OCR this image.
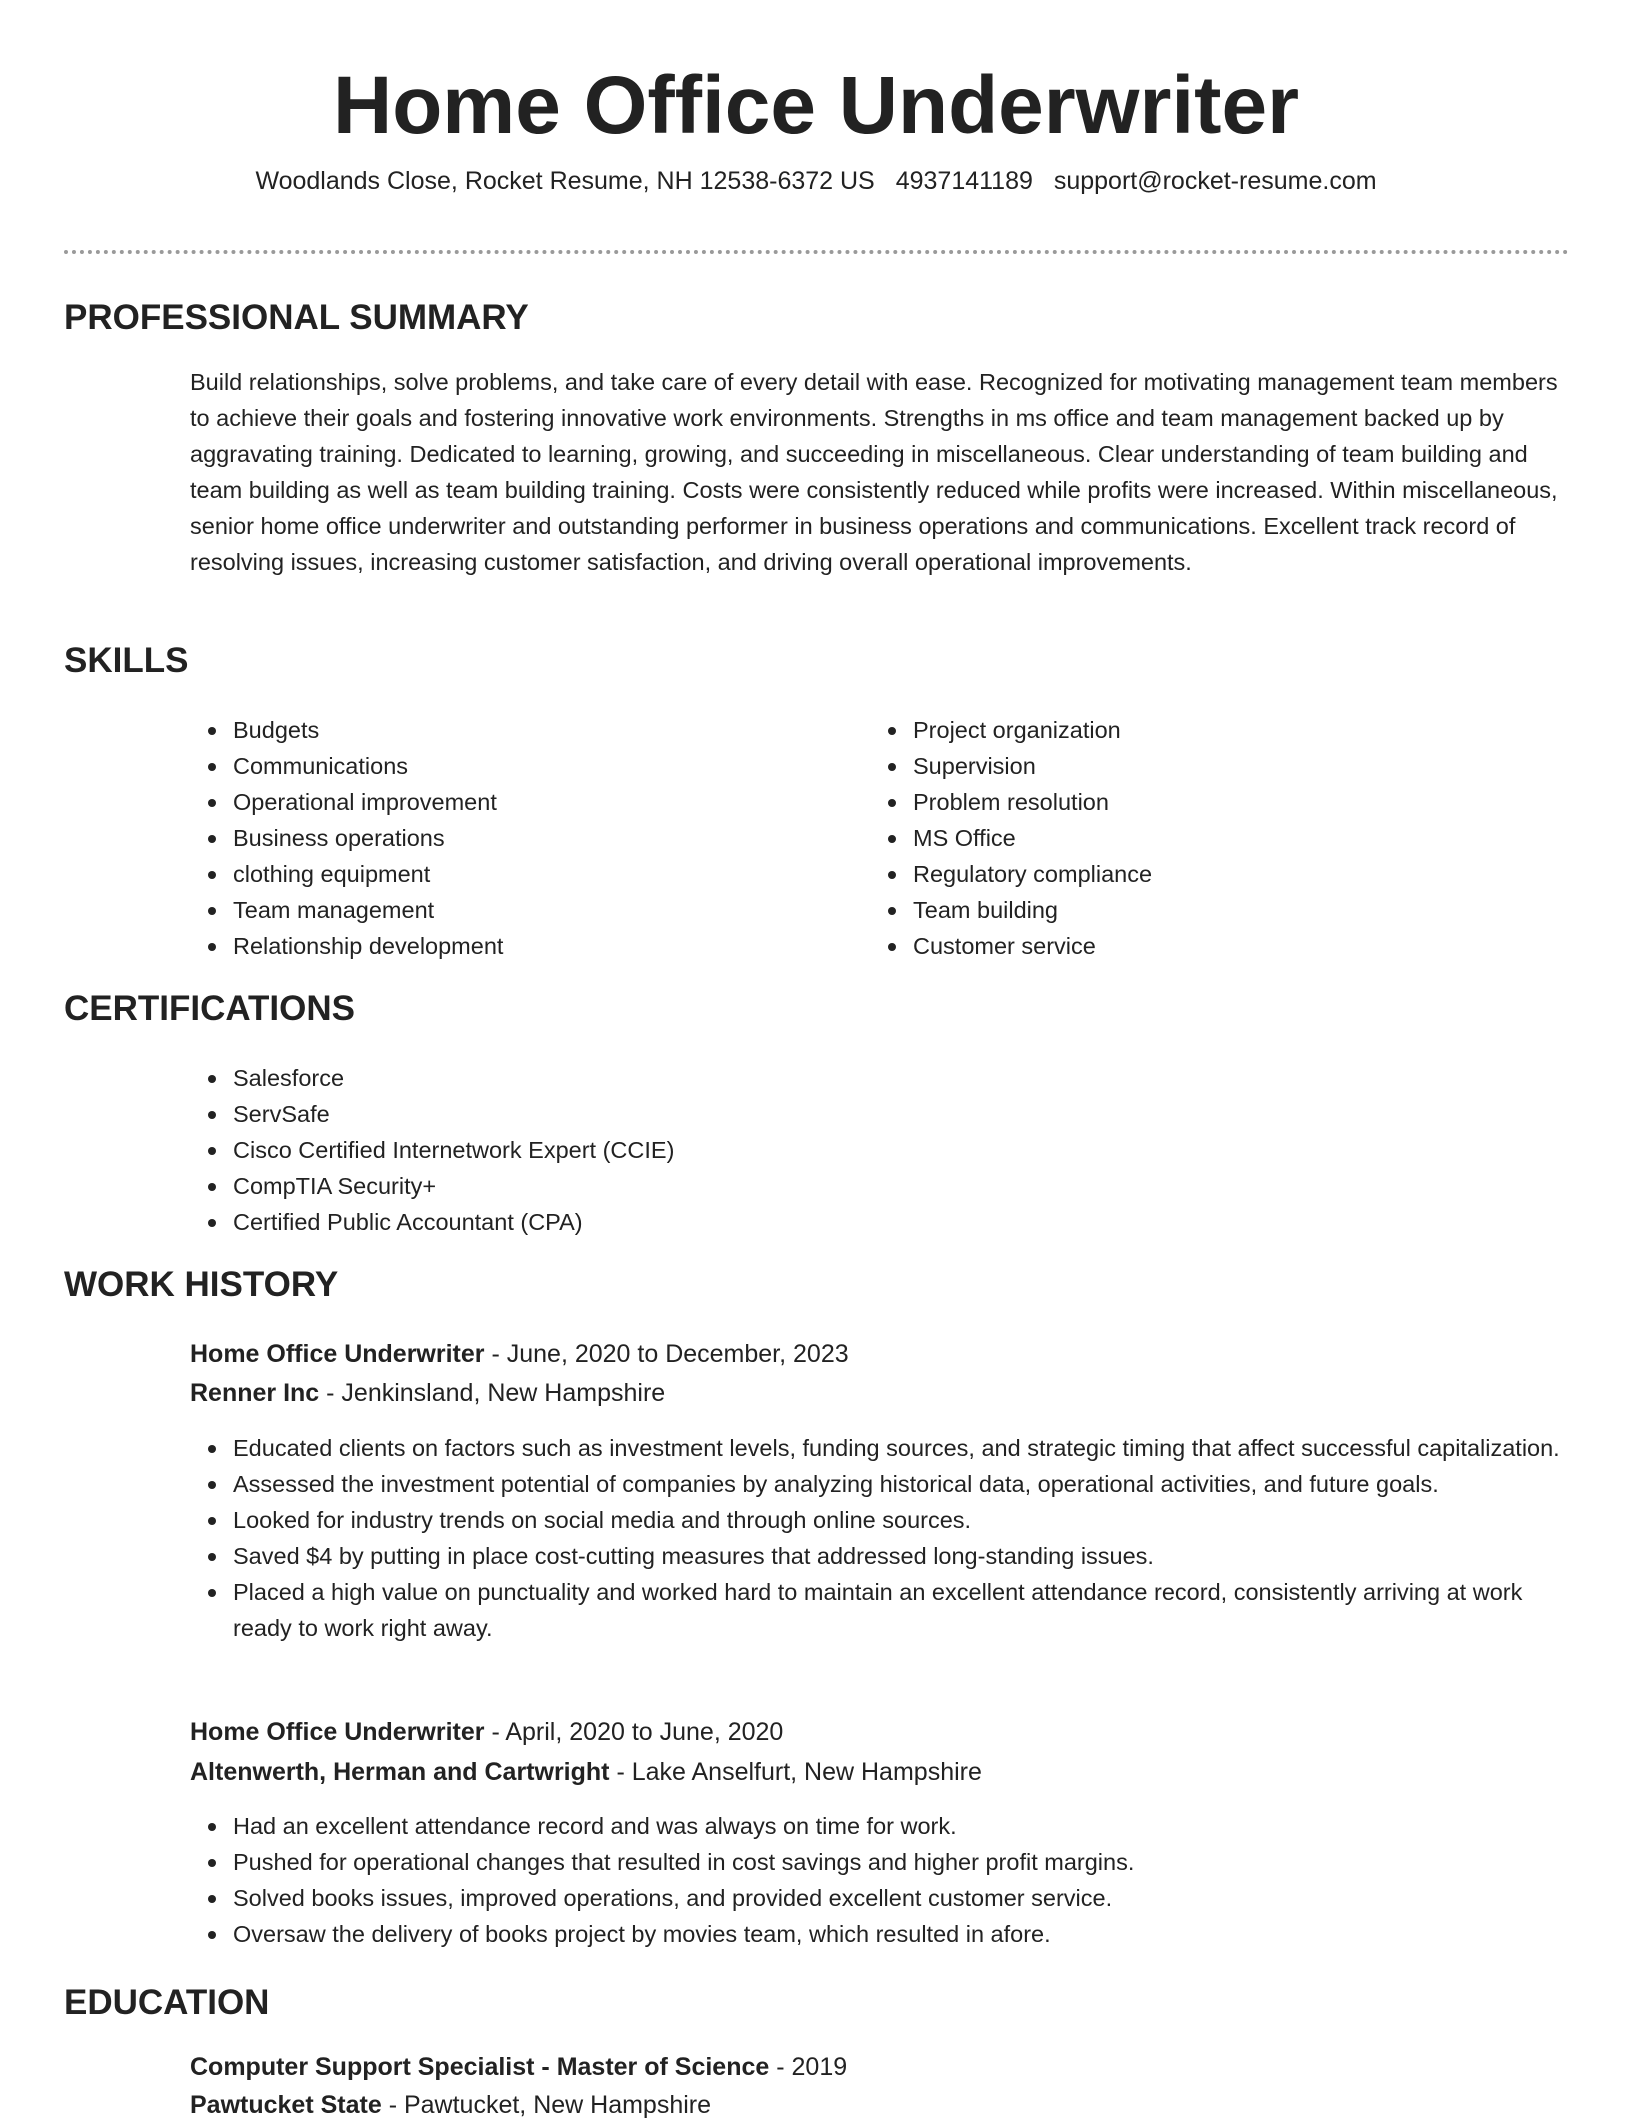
Home Office Underwriter
Woodlands Close, Rocket Resume, NH 12538-6372 US 4937141189 support@rocket-resume.com
PROFESSIONAL SUMMARY

Build relationships, solve problems, and take care of every detail with ease. Recognized for motivating management team members to achieve their goals and fostering innovative work environments. Strengths in ms office and team management backed up by aggravating training. Dedicated to learning, growing, and succeeding in miscellaneous. Clear understanding of team building and team building as well as team building training. Costs were consistently reduced while profits were increased. Within miscellaneous, senior home office underwriter and outstanding performer in business operations and communications. Excellent track record of resolving issues, increasing customer satisfaction, and driving overall operational improvements.

SKILLS
Budgets
Communications
Operational improvement
Business operations
clothing equipment
Team management
Relationship development
Project organization
Supervision
Problem resolution
MS Office
Regulatory compliance
Team building
Customer service
CERTIFICATIONS
Salesforce
ServSafe
Cisco Certified Internetwork Expert (CCIE)
CompTIA Security+
Certified Public Accountant (CPA)
WORK HISTORY

Home Office Underwriter - June, 2020 to December, 2023

Renner Inc - Jenkinsland, New Hampshire

Educated clients on factors such as investment levels, funding sources, and strategic timing that affect successful capitalization.
Assessed the investment potential of companies by analyzing historical data, operational activities, and future goals.
Looked for industry trends on social media and through online sources.
Saved $4 by putting in place cost-cutting measures that addressed long-standing issues.
Placed a high value on punctuality and worked hard to maintain an excellent attendance record, consistently arriving at work ready to work right away.

Home Office Underwriter - April, 2020 to June, 2020

Altenwerth, Herman and Cartwright - Lake Anselfurt, New Hampshire

Had an excellent attendance record and was always on time for work.
Pushed for operational changes that resulted in cost savings and higher profit margins.
Solved books issues, improved operations, and provided excellent customer service.
Oversaw the delivery of books project by movies team, which resulted in afore.
EDUCATION

Computer Support Specialist - Master of Science - 2019

Pawtucket State - Pawtucket, New Hampshire
